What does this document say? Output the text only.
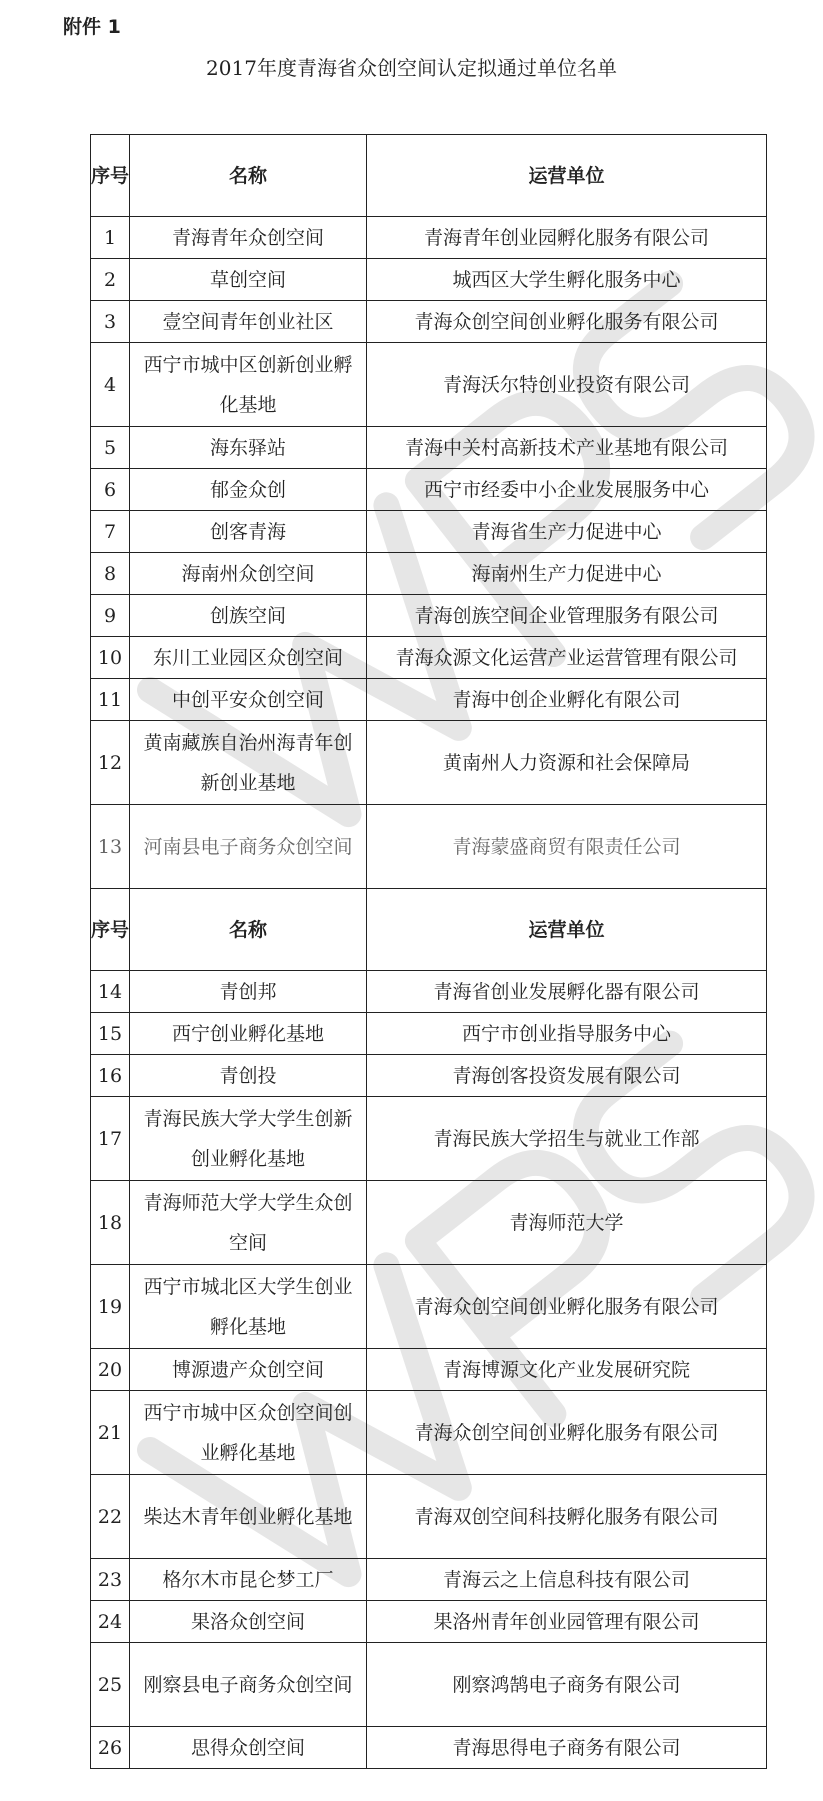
附件 1
2017年度青海省众创空间认定拟通过单位名单
序号	名称	运营单位
1	青海青年众创空间	青海青年创业园孵化服务有限公司
2	草创空间	城西区大学生孵化服务中心
3	壹空间青年创业社区	青海众创空间创业孵化服务有限公司
4	西宁市城中区创新创业孵化基地	青海沃尔特创业投资有限公司
5	海东驿站	青海中关村高新技术产业基地有限公司
6	郁金众创	西宁市经委中小企业发展服务中心
7	创客青海	青海省生产力促进中心
8	海南州众创空间	海南州生产力促进中心
9	创族空间	青海创族空间企业管理服务有限公司
10	东川工业园区众创空间	青海众源文化运营产业运营管理有限公司
11	中创平安众创空间	青海中创企业孵化有限公司
12	黄南藏族自治州海青年创新创业基地	黄南州人力资源和社会保障局
13	河南县电子商务众创空间	青海蒙盛商贸有限责任公司
序号	名称	运营单位
14	青创邦	青海省创业发展孵化器有限公司
15	西宁创业孵化基地	西宁市创业指导服务中心
16	青创投	青海创客投资发展有限公司
17	青海民族大学大学生创新创业孵化基地	青海民族大学招生与就业工作部
18	青海师范大学大学生众创空间	青海师范大学
19	西宁市城北区大学生创业孵化基地	青海众创空间创业孵化服务有限公司
20	博源遗产众创空间	青海博源文化产业发展研究院
21	西宁市城中区众创空间创业孵化基地	青海众创空间创业孵化服务有限公司
22	柴达木青年创业孵化基地	青海双创空间科技孵化服务有限公司
23	格尔木市昆仑梦工厂	青海云之上信息科技有限公司
24	果洛众创空间	果洛州青年创业园管理有限公司
25	刚察县电子商务众创空间	刚察鸿鹄电子商务有限公司
26	思得众创空间	青海思得电子商务有限公司
